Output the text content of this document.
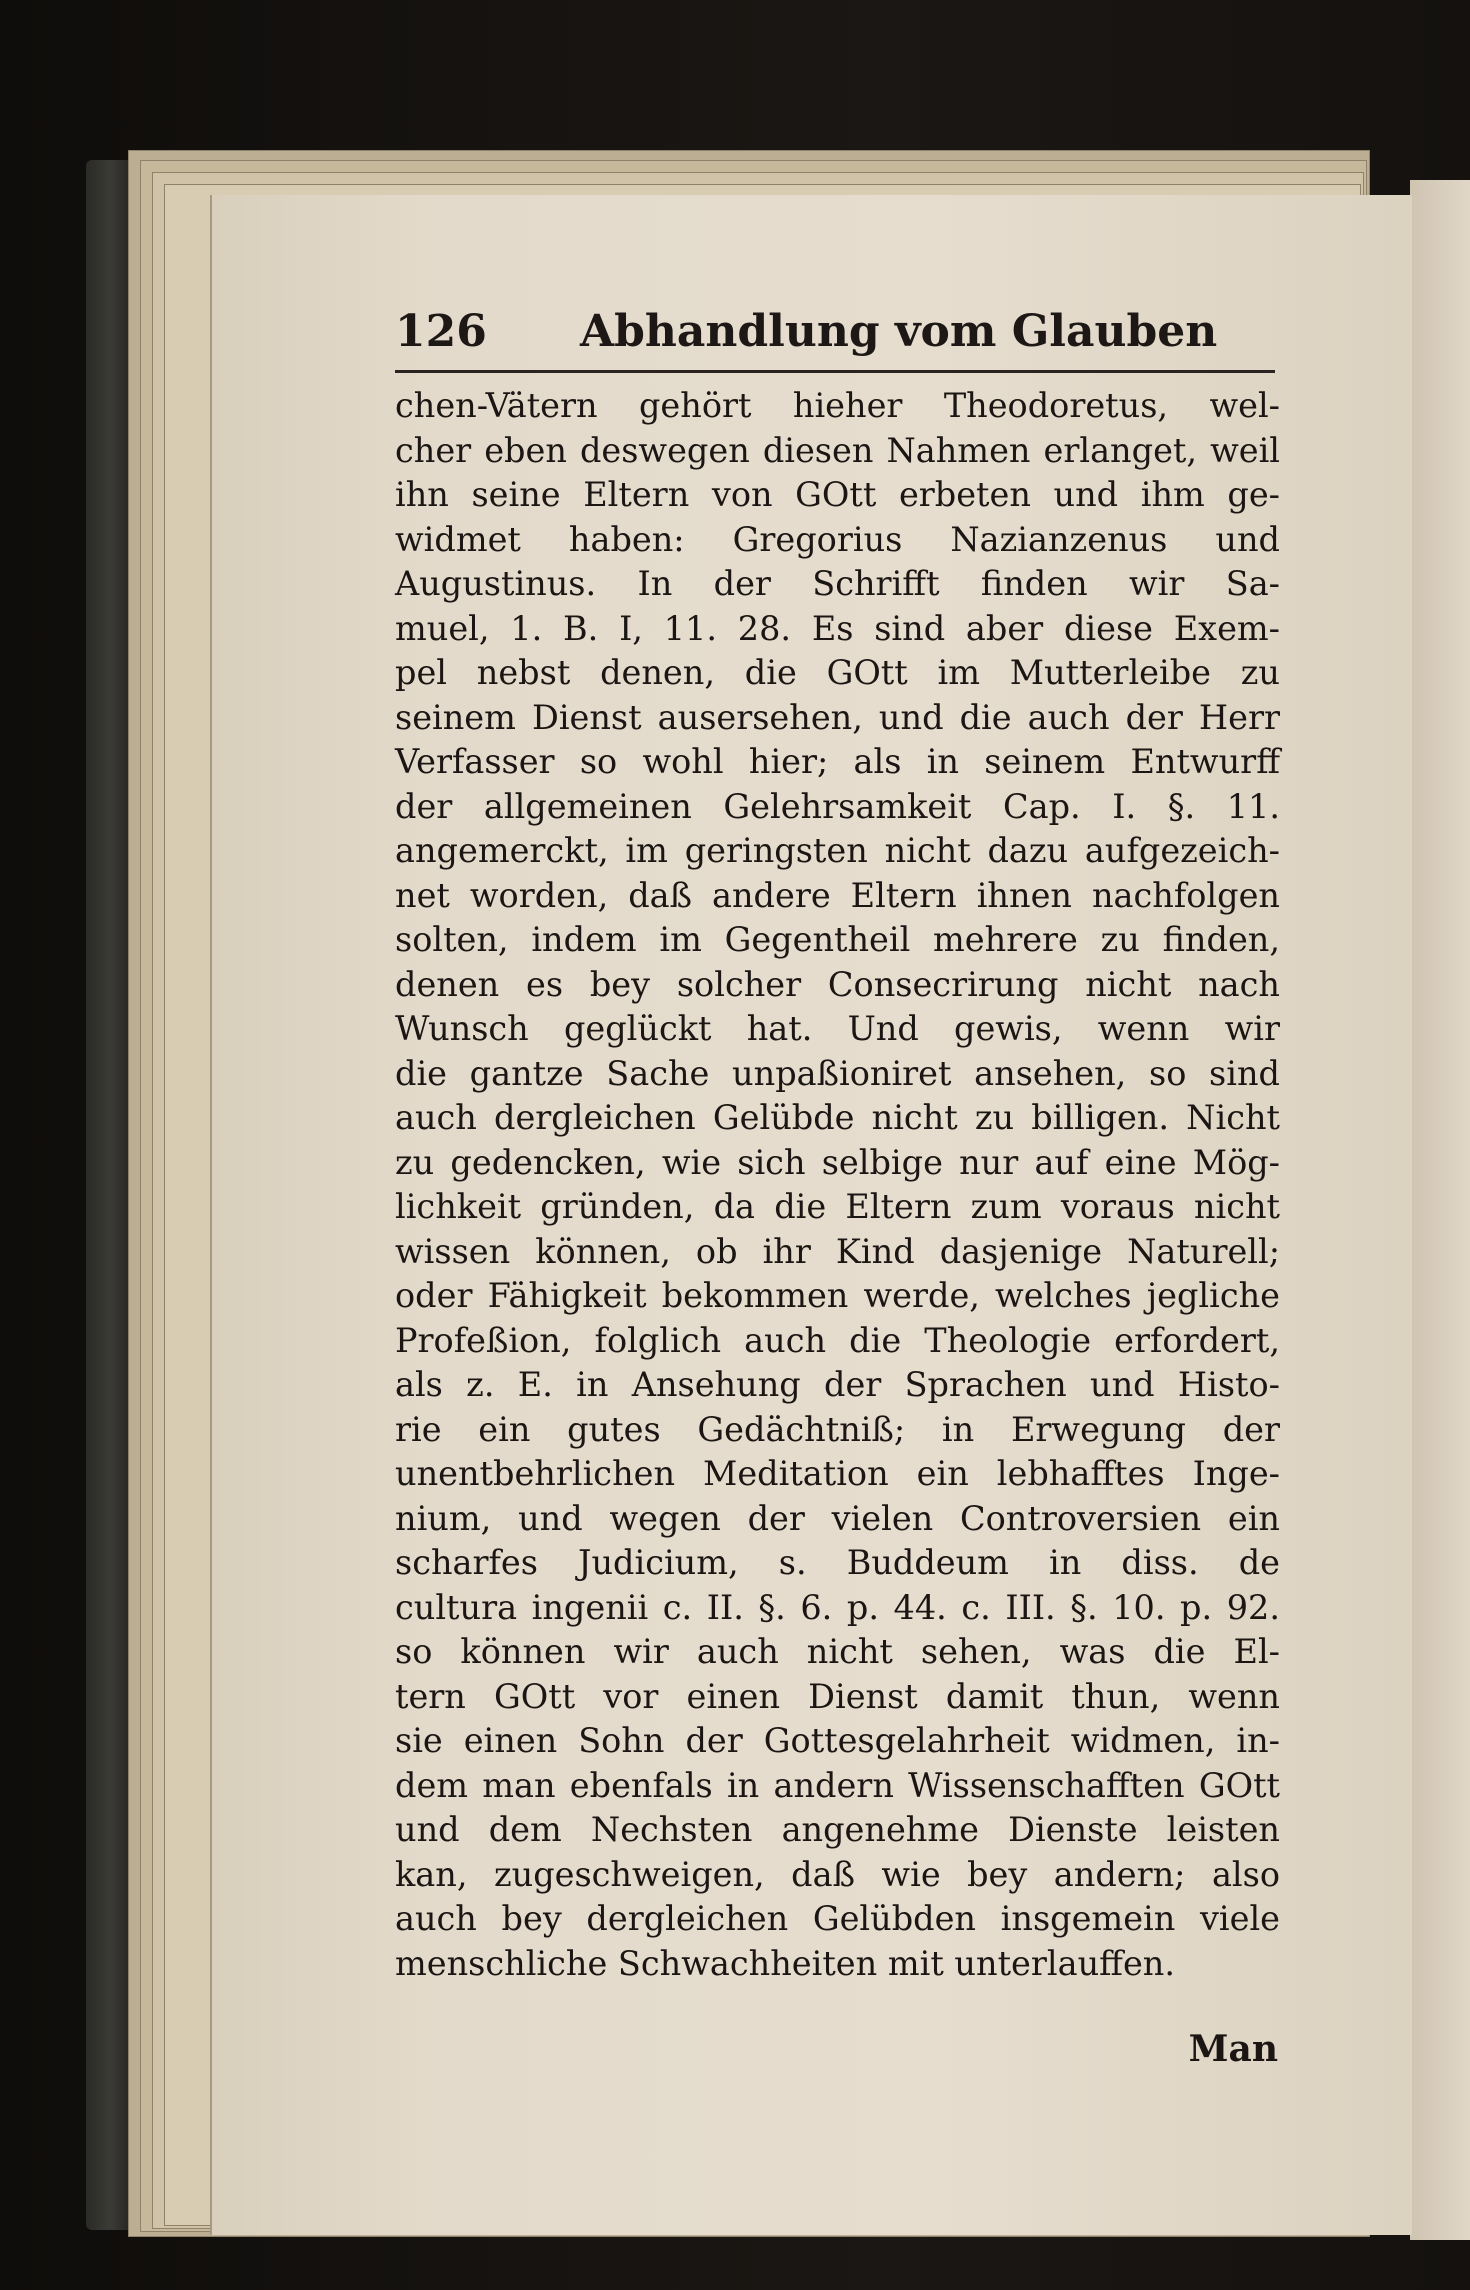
126 Abhandlung vom Glauben
chen-Vätern gehört hieher Theodoretus, wel-
cher eben deswegen diesen Nahmen erlanget, weil
ihn seine Eltern von GOtt erbeten und ihm ge-
widmet haben: Gregorius Nazianzenus und
Augustinus. In der Schrifft finden wir Sa-
muel, 1. B. I, 11. 28. Es sind aber diese Exem-
pel nebst denen, die GOtt im Mutterleibe zu
seinem Dienst ausersehen, und die auch der Herr
Verfasser so wohl hier; als in seinem Entwurff
der allgemeinen Gelehrsamkeit Cap. I. §. 11.
angemerckt, im geringsten nicht dazu aufgezeich-
net worden, daß andere Eltern ihnen nachfolgen
solten, indem im Gegentheil mehrere zu finden,
denen es bey solcher Consecrirung nicht nach
Wunsch geglückt hat. Und gewis, wenn wir
die gantze Sache unpaßioniret ansehen, so sind
auch dergleichen Gelübde nicht zu billigen. Nicht
zu gedencken, wie sich selbige nur auf eine Mög-
lichkeit gründen, da die Eltern zum voraus nicht
wissen können, ob ihr Kind dasjenige Naturell;
oder Fähigkeit bekommen werde, welches jegliche
Profeßion, folglich auch die Theologie erfordert,
als z. E. in Ansehung der Sprachen und Histo-
rie ein gutes Gedächtniß; in Erwegung der
unentbehrlichen Meditation ein lebhafftes Inge-
nium, und wegen der vielen Controversien ein
scharfes Judicium, s. Buddeum in diss. de
cultura ingenii c. II. §. 6. p. 44. c. III. §. 10. p. 92.
so können wir auch nicht sehen, was die El-
tern GOtt vor einen Dienst damit thun, wenn
sie einen Sohn der Gottesgelahrheit widmen, in-
dem man ebenfals in andern Wissenschafften GOtt
und dem Nechsten angenehme Dienste leisten
kan, zugeschweigen, daß wie bey andern; also
auch bey dergleichen Gelübden insgemein viele
menschliche Schwachheiten mit unterlauffen.
Man
